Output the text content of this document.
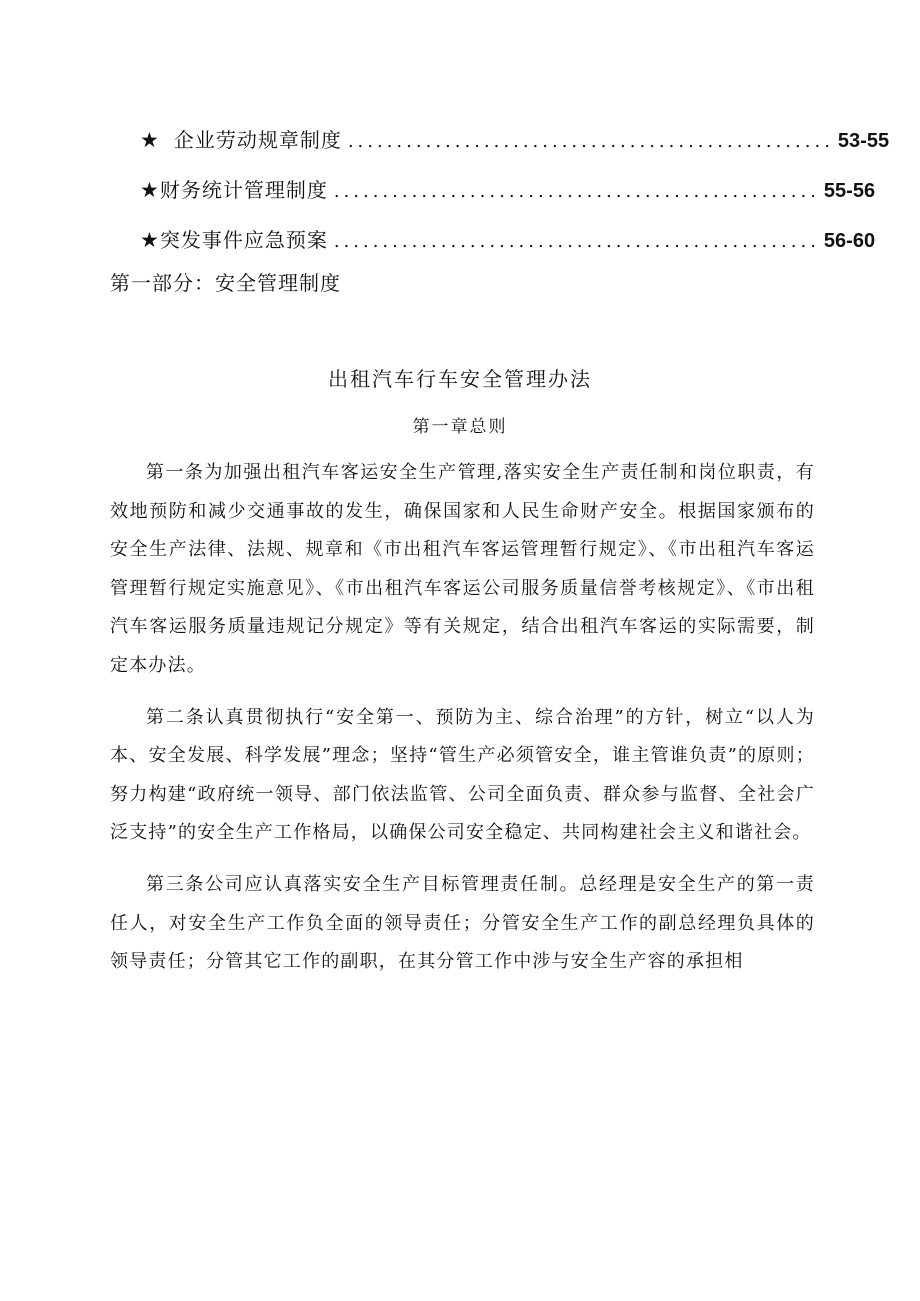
★ 企业劳动规章制度 .................................................. 53-55
★ 财务统计管理制度 .................................................. 55-56
★ 突发事件应急预案 .................................................. 56-60
第一部分：安全管理制度
出租汽车行车安全管理办法
第一章总则

第一条为加强出租汽车客运安全生产管理,落实安全生产责任制和岗位职责，有效地预防和减少交通事故的发生，确保国家和人民生命财产安全。根据国家颁布的安全生产法律、法规、规章和《市出租汽车客运管理暂行规定》、《市出租汽车客运管理暂行规定实施意见》、《市出租汽车客运公司服务质量信誉考核规定》、《市出租汽车客运服务质量违规记分规定》等有关规定，结合出租汽车客运的实际需要，制定本办法。

第二条认真贯彻执行“安全第一、预防为主、综合治理”的方针，树立“以人为本、安全发展、科学发展”理念；坚持“管生产必须管安全，谁主管谁负责”的原则；努力构建“政府统一领导、部门依法监管、公司全面负责、群众参与监督、全社会广泛支持”的安全生产工作格局，以确保公司安全稳定、共同构建社会主义和谐社会。

第三条公司应认真落实安全生产目标管理责任制。总经理是安全生产的第一责任人，对安全生产工作负全面的领导责任；分管安全生产工作的副总经理负具体的领导责任；分管其它工作的副职，在其分管工作中涉与安全生产容的承担相
